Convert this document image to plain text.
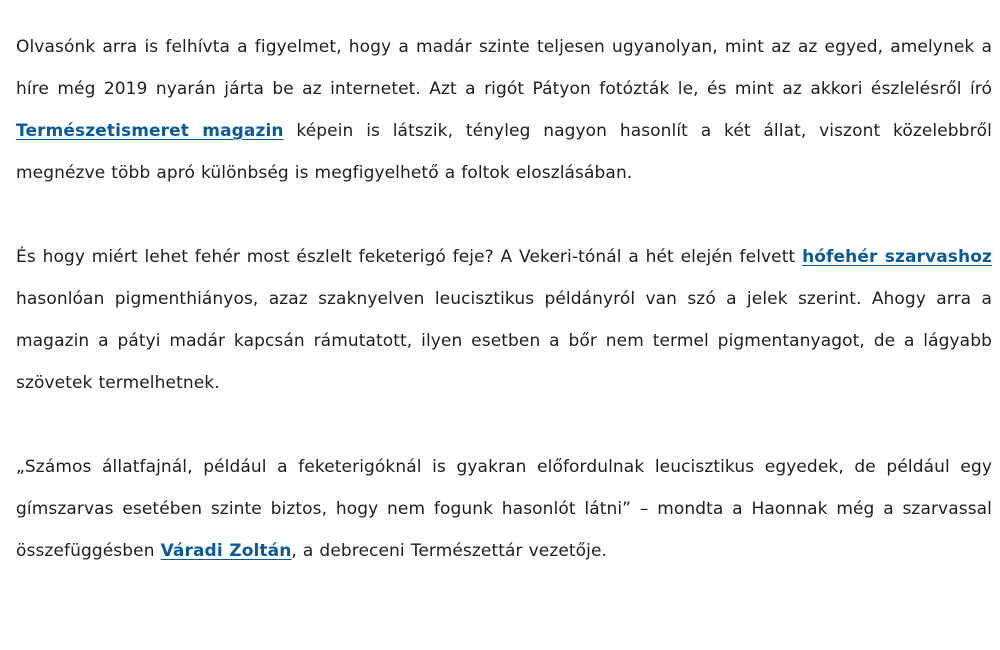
Olvasónk arra is felhívta a figyelmet, hogy a madár szinte teljesen ugyanolyan, mint az az egyed, amelynek a híre még 2019 nyarán járta be az internetet. Azt a rigót Pátyon fotózták le, és mint az akkori észlelésről író Természetismeret magazin képein is látszik, tényleg nagyon hasonlít a két állat, viszont közelebbről megnézve több apró különbség is megfigyelhető a foltok eloszlásában.

És hogy miért lehet fehér most észlelt feketerigó feje? A Vekeri-tónál a hét elején felvett hófehér szarvashoz hasonlóan pigmenthiányos, azaz szaknyelven leucisztikus példányról van szó a jelek szerint. Ahogy arra a magazin a pátyi madár kapcsán rámutatott, ilyen esetben a bőr nem termel pigmentanyagot, de a lágyabb szövetek termelhetnek.

„Számos állatfajnál, például a feketerigóknál is gyakran előfordulnak leucisztikus egyedek, de például egy gímszarvas esetében szinte biztos, hogy nem fogunk hasonlót látni” – mondta a Haonnak még a szarvassal összefüggésben Váradi Zoltán, a debreceni Természettár vezetője.
